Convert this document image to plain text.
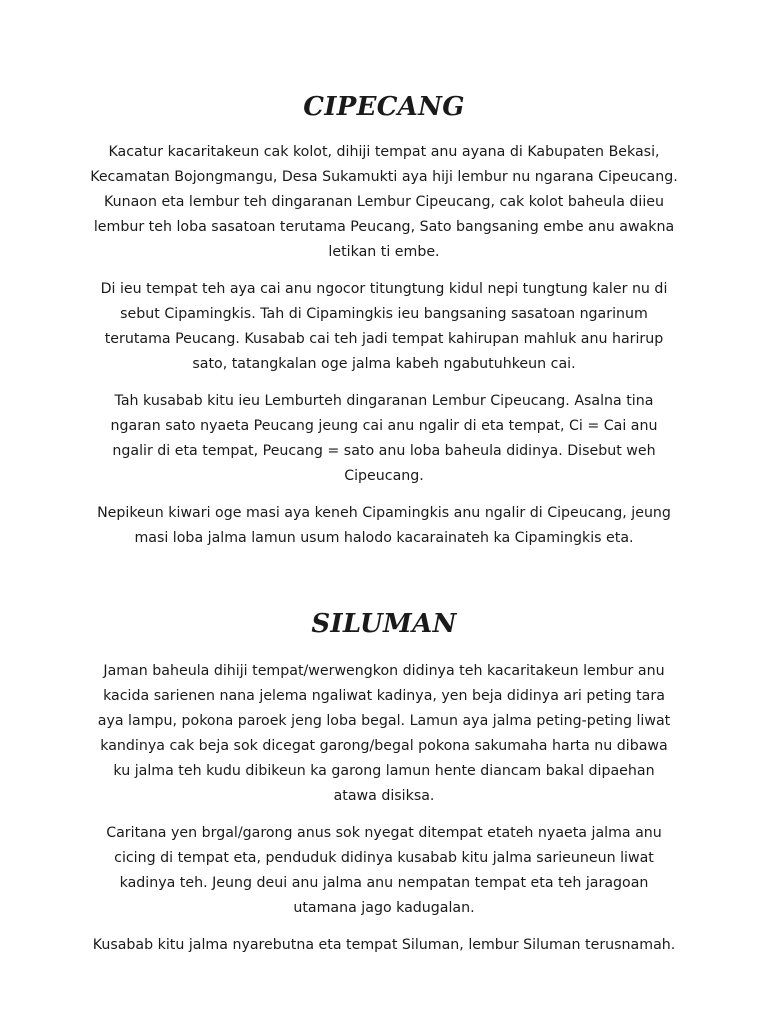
CIPECANG

Kacatur kacaritakeun cak kolot, dihiji tempat anu ayana di Kabupaten Bekasi, Kecamatan Bojongmangu, Desa Sukamukti aya hiji lembur nu ngarana Cipeucang. Kunaon eta lembur teh dingaranan Lembur Cipeucang, cak kolot baheula diieu lembur teh loba sasatoan terutama Peucang, Sato bangsaning embe anu awakna letikan ti embe.

Di ieu tempat teh aya cai anu ngocor titungtung kidul nepi tungtung kaler nu di sebut Cipamingkis. Tah di Cipamingkis ieu bangsaning sasatoan ngarinum terutama Peucang. Kusabab cai teh jadi tempat kahirupan mahluk anu harirup sato, tatangkalan oge jalma kabeh ngabutuhkeun cai.

Tah kusabab kitu ieu Lemburteh dingaranan Lembur Cipeucang. Asalna tina ngaran sato nyaeta Peucang jeung cai anu ngalir di eta tempat, Ci = Cai anu ngalir di eta tempat, Peucang = sato anu loba baheula didinya. Disebut weh Cipeucang.

Nepikeun kiwari oge masi aya keneh Cipamingkis anu ngalir di Cipeucang, jeung masi loba jalma lamun usum halodo kacarainateh ka Cipamingkis eta.

SILUMAN

Jaman baheula dihiji tempat/werwengkon didinya teh kacaritakeun lembur anu kacida sarienen nana jelema ngaliwat kadinya, yen beja didinya ari peting tara aya lampu, pokona paroek jeng loba begal. Lamun aya jalma peting-peting liwat kandinya cak beja sok dicegat garong/begal pokona sakumaha harta nu dibawa ku jalma teh kudu dibikeun ka garong lamun hente diancam bakal dipaehan atawa disiksa.

Caritana yen brgal/garong anus sok nyegat ditempat etateh nyaeta jalma anu cicing di tempat eta, penduduk didinya kusabab kitu jalma sarieuneun liwat kadinya teh. Jeung deui anu jalma anu nempatan tempat eta teh jaragoan utamana jago kadugalan.

Kusabab kitu jalma nyarebutna eta tempat Siluman, lembur Siluman terusnamah.
